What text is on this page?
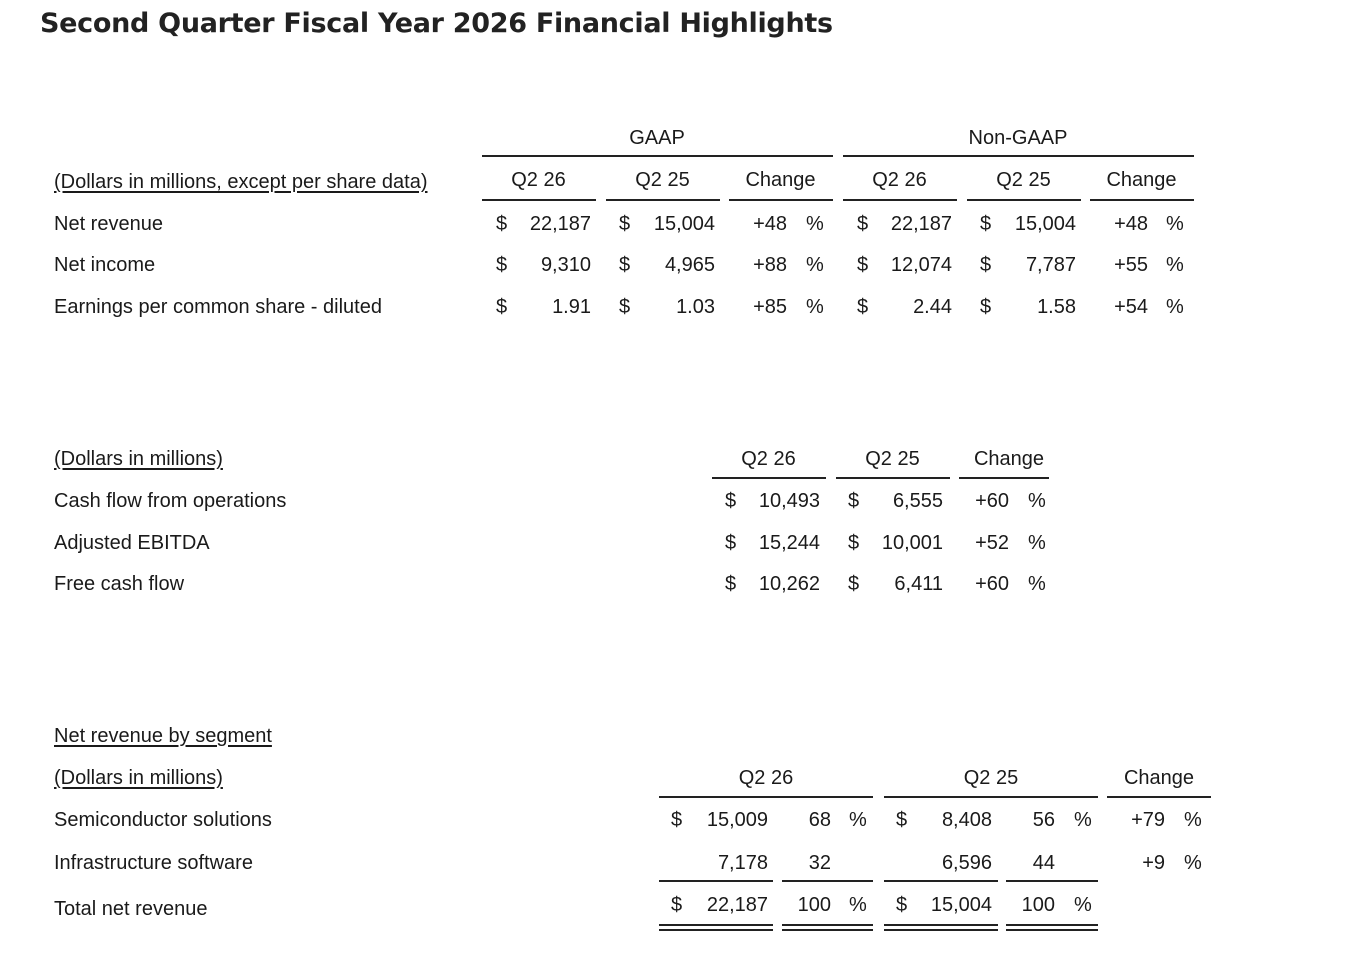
Second Quarter Fiscal Year 2026 Financial Highlights
GAAP	Non-GAAP
(Dollars in millions, except per share data)	Q2 26	Q2 25	Change	Q2 26	Q2 25	Change
Net revenue	$	22,187 $	15,004	+48 % $	22,187 $	15,004	+48 %
Net income	$	9,310 $	4,965	+88 % $	12,074 $	7,787	+55 %
Earnings per common share - diluted	$	1.91 $	1.03	+85 % $	2.44 $	1.58	+54 %
(Dollars in millions)	Q2 26	Q2 25	Change
Cash flow from operations	$	10,493 $	6,555	+60 %
Adjusted EBITDA	$	15,244 $	10,001	+52 %
Free cash flow	$	10,262 $	6,411	+60 %
Net revenue by segment
(Dollars in millions)	Q2 26	Q2 25	Change
Semiconductor solutions	$	15,009	68 % $	8,408	56 %	+79 %
Infrastructure software	7,178	32	6,596	44	+9 %
Total net revenue	$	22,187	100 % $	15,004	100 %
